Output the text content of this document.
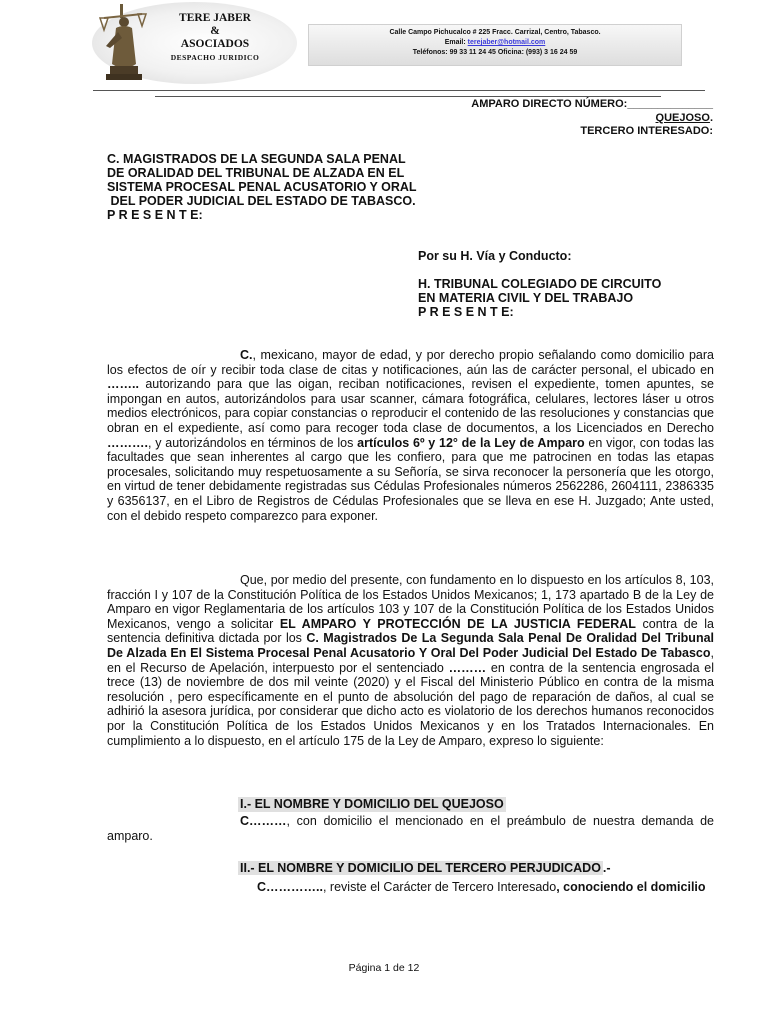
TERE JABER
&
ASOCIADOS
DESPACHO JURIDICO
Calle Campo Pichucalco # 225 Fracc. Carrizal, Centro, Tabasco.
Email: terejaber@hotmail.com
Teléfonos: 99 33 11 24 45 Oficina: (993) 3 16 24 59
AMPARO DIRECTO NÚMERO:______________
QUEJOSO.
TERCERO INTERESADO:
C. MAGISTRADOS DE LA SEGUNDA SALA PENAL
DE ORALIDAD DEL TRIBUNAL DE ALZADA EN EL
SISTEMA PROCESAL PENAL ACUSATORIO Y ORAL
DEL PODER JUDICIAL DEL ESTADO DE TABASCO.
P R E S E N T E:

Por su H. Vía y Conducto:

H. TRIBUNAL COLEGIADO DE CIRCUITO

EN MATERIA CIVIL Y DEL TRABAJO

P R E S E N T E:

C., mexicano, mayor de edad, y por derecho propio señalando como domicilio para los efectos de oír y recibir toda clase de citas y notificaciones, aún las de carácter personal, el ubicado en …….. autorizando para que las oigan, reciban notificaciones, revisen el expediente, tomen apuntes, se impongan en autos, autorizándolos para usar scanner, cámara fotográfica, celulares, lectores láser u otros medios electrónicos, para copiar constancias o reproducir el contenido de las resoluciones y constancias que obran en el expediente, así como para recoger toda clase de documentos, a los Licenciados en Derecho ………., y autorizándolos en términos de los artículos 6º y 12° de la Ley de Amparo en vigor, con todas las facultades que sean inherentes al cargo que les confiero, para que me patrocinen en todas las etapas procesales, solicitando muy respetuosamente a su Señoría, se sirva reconocer la personería que les otorgo, en virtud de tener debidamente registradas sus Cédulas Profesionales números 2562286, 2604111, 2386335 y 6356137, en el Libro de Registros de Cédulas Profesionales que se lleva en ese H. Juzgado; Ante usted, con el debido respeto comparezco para exponer.

Que, por medio del presente, con fundamento en lo dispuesto en los artículos 8, 103, fracción I y 107 de la Constitución Política de los Estados Unidos Mexicanos; 1, 173 apartado B de la Ley de Amparo en vigor Reglamentaria de los artículos 103 y 107 de la Constitución Política de los Estados Unidos Mexicanos, vengo a solicitar EL AMPARO Y PROTECCIÓN DE LA JUSTICIA FEDERAL contra de la sentencia definitiva dictada por los C. Magistrados De La Segunda Sala Penal De Oralidad Del Tribunal De Alzada En El Sistema Procesal Penal Acusatorio Y Oral Del Poder Judicial Del Estado De Tabasco, en el Recurso de Apelación, interpuesto por el sentenciado ……… en contra de la sentencia engrosada el trece (13) de noviembre de dos mil veinte (2020) y el Fiscal del Ministerio Público en contra de la misma resolución , pero específicamente en el punto de absolución del pago de reparación de daños, al cual se adhirió la asesora jurídica, por considerar que dicho acto es violatorio de los derechos humanos reconocidos por la Constitución Política de los Estados Unidos Mexicanos y en los Tratados Internacionales. En cumplimiento a lo dispuesto, en el artículo 175 de la Ley de Amparo, expreso lo siguiente:

I.- EL NOMBRE Y DOMICILIO DEL QUEJOSO

C………, con domicilio el mencionado en el preámbulo de nuestra demanda de amparo.

II.- EL NOMBRE Y DOMICILIO DEL TERCERO PERJUDICADO .-

C………….., reviste el Carácter de Tercero Interesado, conociendo el domicilio

Página 1 de 12
